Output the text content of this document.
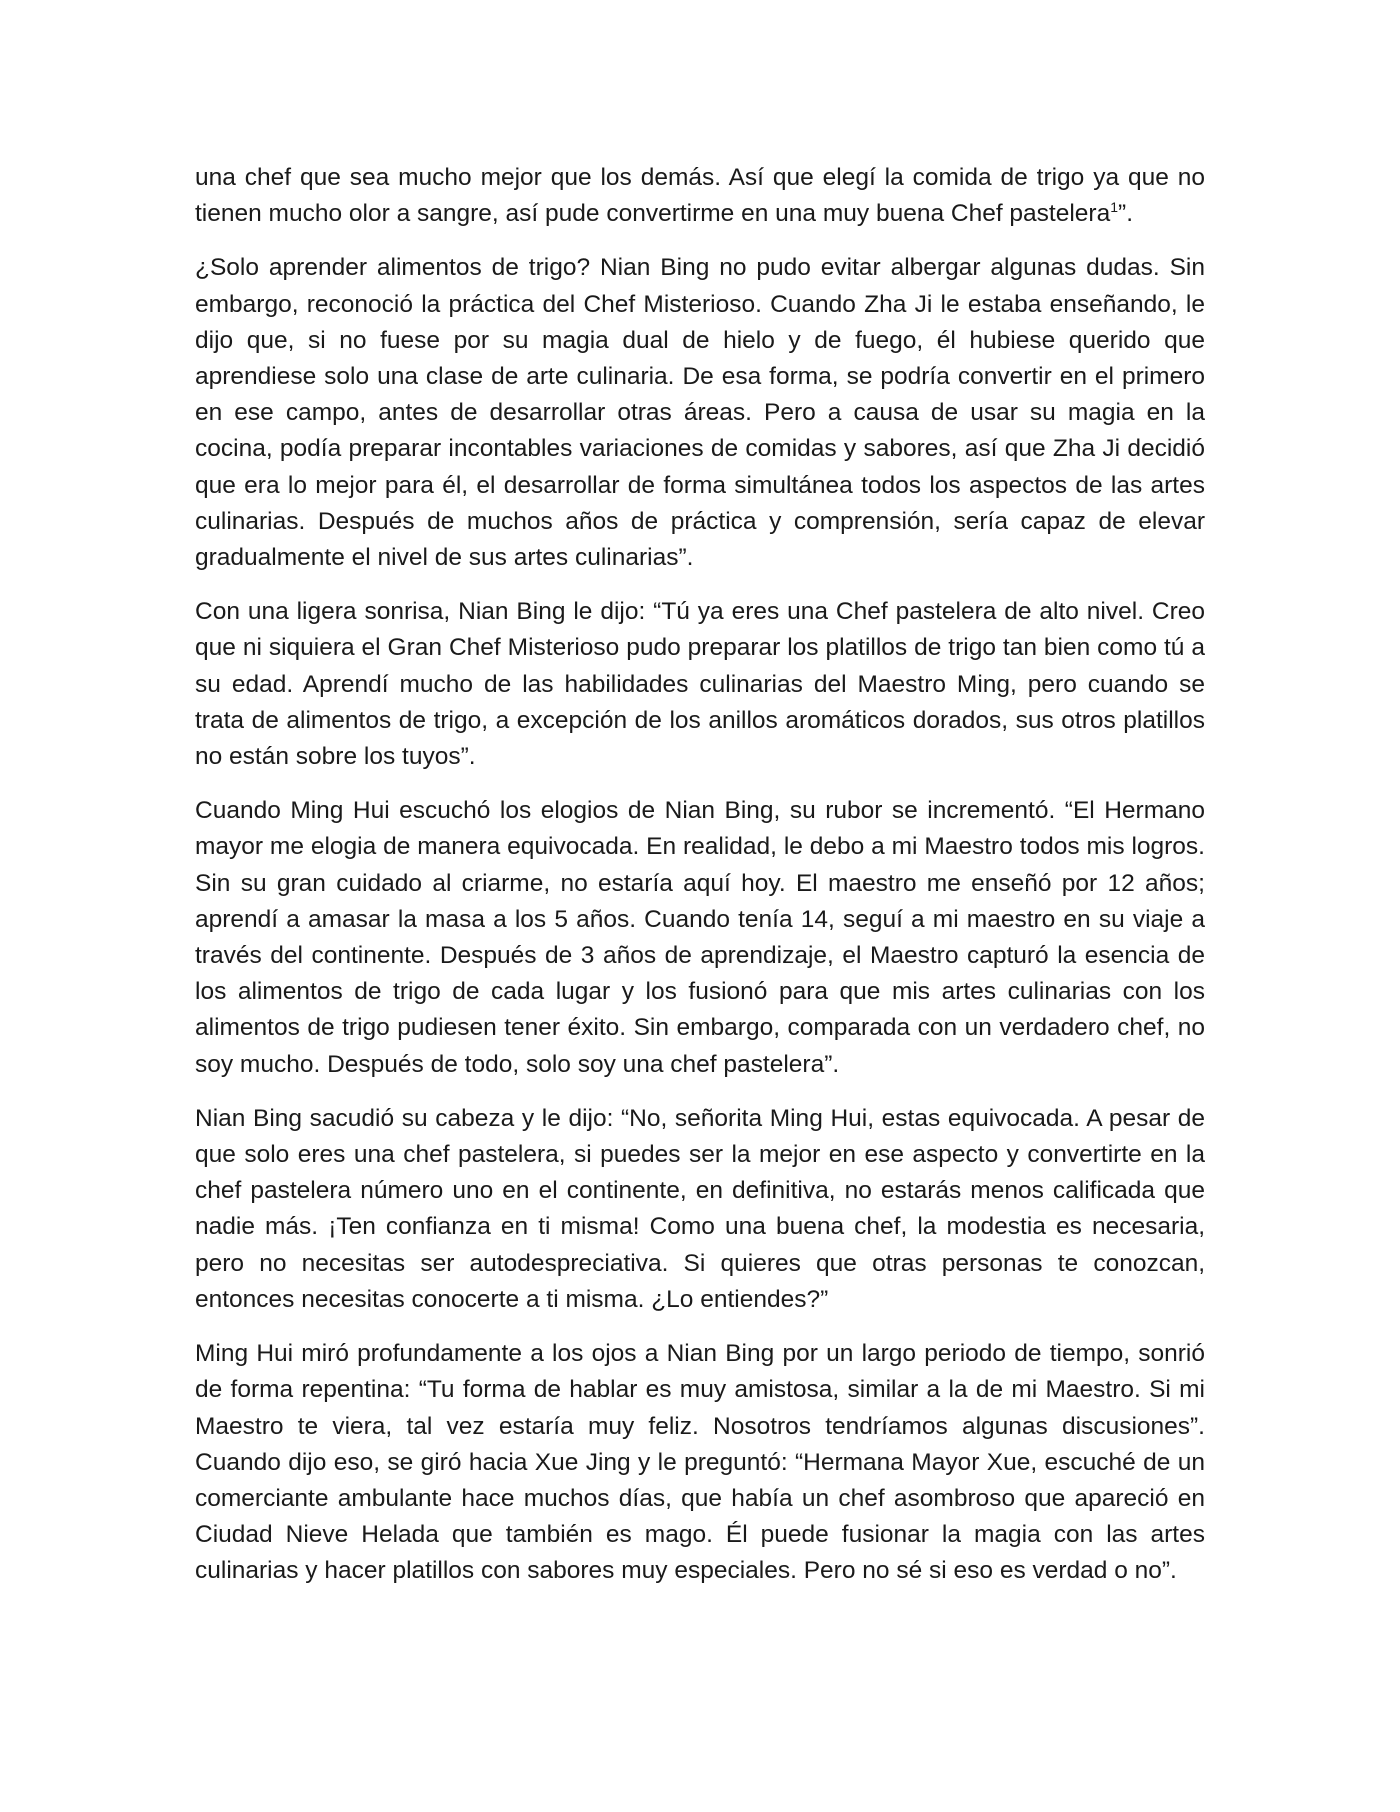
una chef que sea mucho mejor que los demás. Así que elegí la comida de trigo ya que no tienen mucho olor a sangre, así pude convertirme en una muy buena Chef pastelera$^1$”.

¿Solo aprender alimentos de trigo? Nian Bing no pudo evitar albergar algunas dudas. Sin embargo, reconoció la práctica del Chef Misterioso. Cuando Zha Ji le estaba enseñando, le dijo que, si no fuese por su magia dual de hielo y de fuego, él hubiese querido que aprendiese solo una clase de arte culinaria. De esa forma, se podría convertir en el primero en ese campo, antes de desarrollar otras áreas. Pero a causa de usar su magia en la cocina, podía preparar incontables variaciones de comidas y sabores, así que Zha Ji decidió que era lo mejor para él, el desarrollar de forma simultánea todos los aspectos de las artes culinarias. Después de muchos años de práctica y comprensión, sería capaz de elevar gradualmente el nivel de sus artes culinarias”.

Con una ligera sonrisa, Nian Bing le dijo: “Tú ya eres una Chef pastelera de alto nivel. Creo que ni siquiera el Gran Chef Misterioso pudo preparar los platillos de trigo tan bien como tú a su edad. Aprendí mucho de las habilidades culinarias del Maestro Ming, pero cuando se trata de alimentos de trigo, a excepción de los anillos aromáticos dorados, sus otros platillos no están sobre los tuyos”.

Cuando Ming Hui escuchó los elogios de Nian Bing, su rubor se incrementó. “El Hermano mayor me elogia de manera equivocada. En realidad, le debo a mi Maestro todos mis logros. Sin su gran cuidado al criarme, no estaría aquí hoy. El maestro me enseñó por 12 años; aprendí a amasar la masa a los 5 años. Cuando tenía 14, seguí a mi maestro en su viaje a través del continente. Después de 3 años de aprendizaje, el Maestro capturó la esencia de los alimentos de trigo de cada lugar y los fusionó para que mis artes culinarias con los alimentos de trigo pudiesen tener éxito. Sin embargo, comparada con un verdadero chef, no soy mucho. Después de todo, solo soy una chef pastelera”.

Nian Bing sacudió su cabeza y le dijo: “No, señorita Ming Hui, estas equivocada. A pesar de que solo eres una chef pastelera, si puedes ser la mejor en ese aspecto y convertirte en la chef pastelera número uno en el continente, en definitiva, no estarás menos calificada que nadie más. ¡Ten confianza en ti misma! Como una buena chef, la modestia es necesaria, pero no necesitas ser autodespreciativa. Si quieres que otras personas te conozcan, entonces necesitas conocerte a ti misma. ¿Lo entiendes?”

Ming Hui miró profundamente a los ojos a Nian Bing por un largo periodo de tiempo, sonrió de forma repentina: “Tu forma de hablar es muy amistosa, similar a la de mi Maestro. Si mi Maestro te viera, tal vez estaría muy feliz. Nosotros tendríamos algunas discusiones”. Cuando dijo eso, se giró hacia Xue Jing y le preguntó: “Hermana Mayor Xue, escuché de un comerciante ambulante hace muchos días, que había un chef asombroso que apareció en Ciudad Nieve Helada que también es mago. Él puede fusionar la magia con las artes culinarias y hacer platillos con sabores muy especiales. Pero no sé si eso es verdad o no”.
